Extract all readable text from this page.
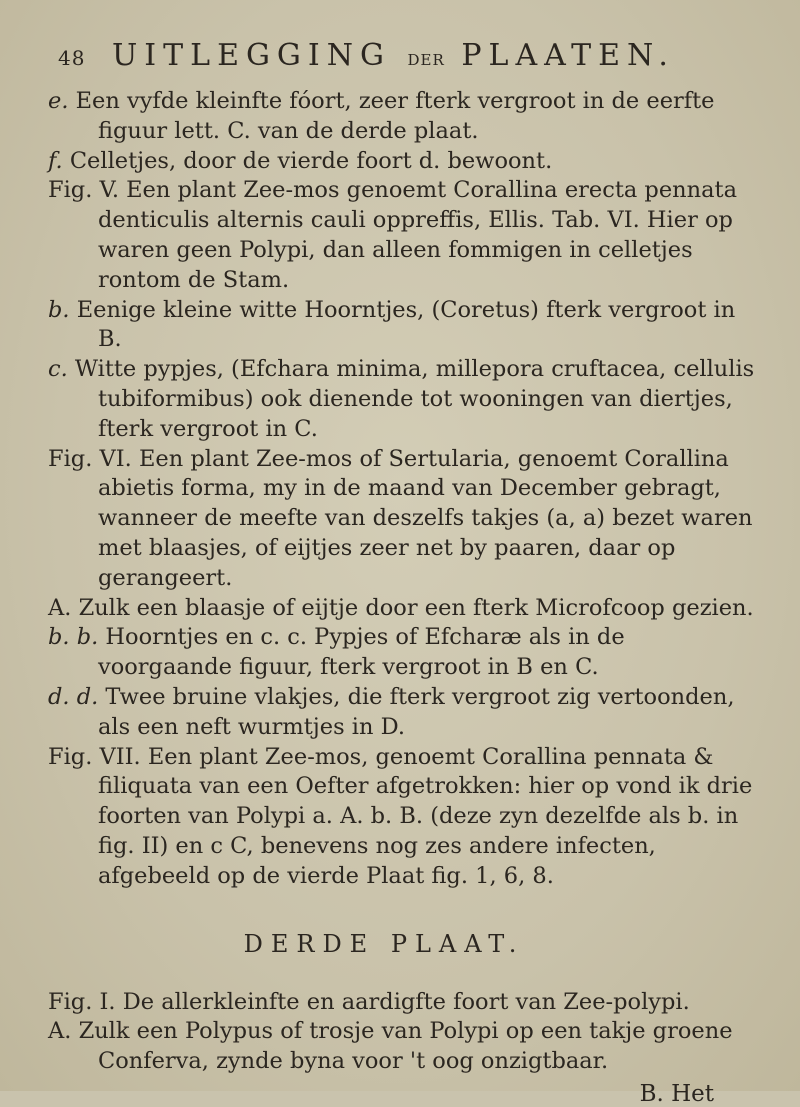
48 UITLEGGING DER PLAATEN.

e. Een vyfde kleinfte fóort, zeer fterk vergroot in de eerfte figuur lett. C. van de derde plaat.

f. Celletjes, door de vierde foort d. bewoont.

Fig. V. Een plant Zee-mos genoemt Corallina erecta pennata denticulis alternis cauli oppreffis, Ellis. Tab. VI. Hier op waren geen Polypi, dan alleen fommigen in celletjes rontom de Stam.

b. Eenige kleine witte Hoorntjes, (Coretus) fterk vergroot in B.

c. Witte pypjes, (Efchara minima, millepora cruftacea, cellulis tubiformibus) ook dienende tot wooningen van diertjes, fterk vergroot in C.

Fig. VI. Een plant Zee-mos of Sertularia, genoemt Corallina abietis forma, my in de maand van December gebragt, wanneer de meefte van deszelfs takjes (a, a) bezet waren met blaasjes, of eijtjes zeer net by paaren, daar op gerangeert.

A. Zulk een blaasje of eijtje door een fterk Microfcoop gezien.

b. b. Hoorntjes en c. c. Pypjes of Efcharæ als in de voorgaande figuur, fterk vergroot in B en C.

d. d. Twee bruine vlakjes, die fterk vergroot zig vertoonden, als een neft wurmtjes in D.

Fig. VII. Een plant Zee-mos, genoemt Corallina pennata & filiquata van een Oefter afgetrokken: hier op vond ik drie foorten van Polypi a. A. b. B. (deze zyn dezelfde als b. in fig. II) en c C, benevens nog zes andere infecten, afgebeeld op de vierde Plaat fig. 1, 6, 8.

DERDE PLAAT.

Fig. I. De allerkleinfte en aardigfte foort van Zee-polypi.

A. Zulk een Polypus of trosje van Polypi op een takje groene Conferva, zynde byna voor 't oog onzigtbaar.

B. Het
